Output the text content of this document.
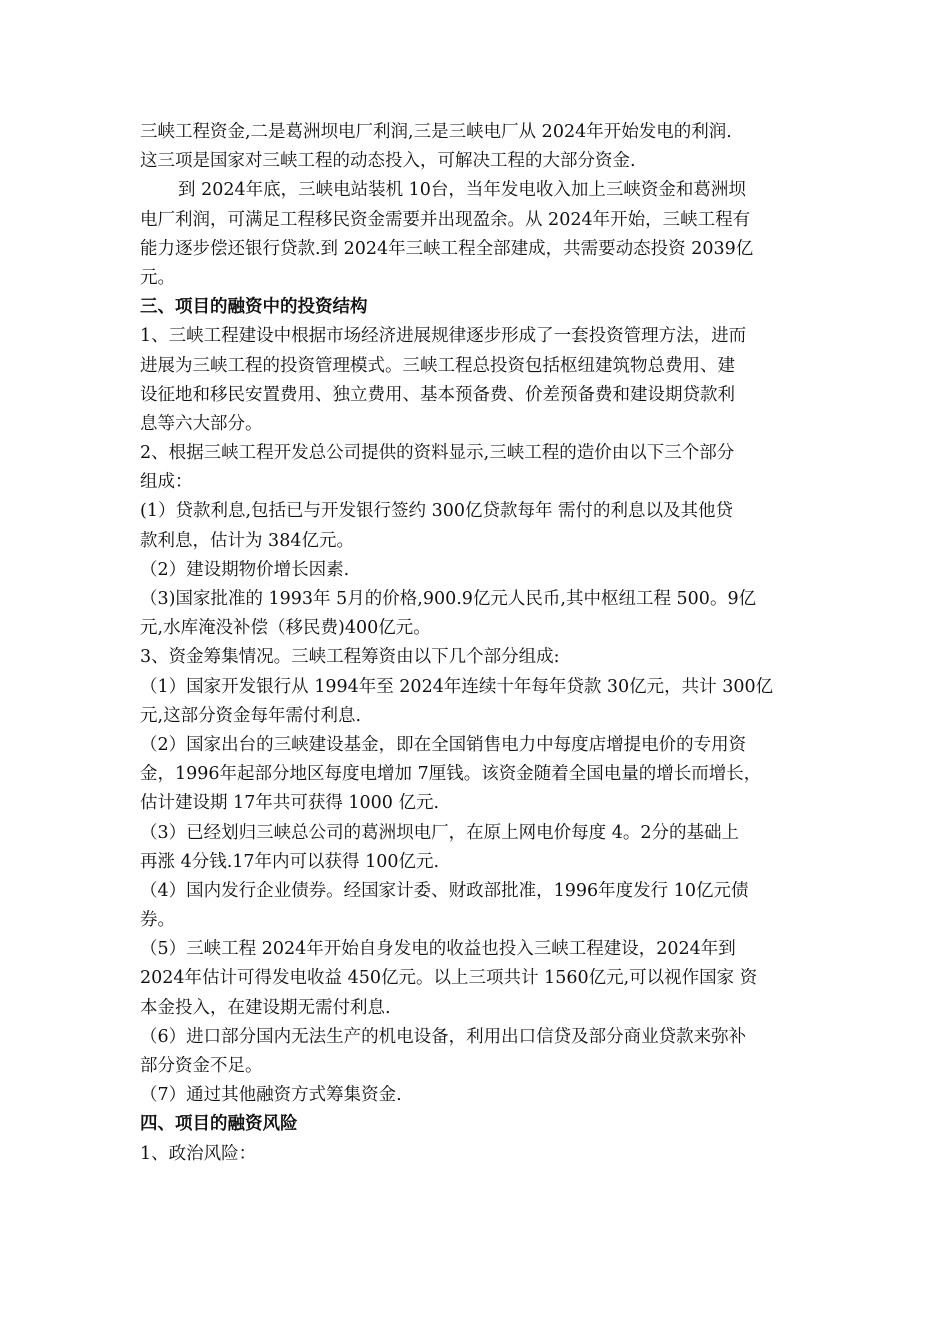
三峡工程资金,二是葛洲坝电厂利润,三是三峡电厂从 2024年开始发电的利润.
这三项是国家对三峡工程的动态投入，可解决工程的大部分资金.
到 2024年底，三峡电站装机 10台，当年发电收入加上三峡资金和葛洲坝
电厂利润，可满足工程移民资金需要并出现盈余。从 2024年开始，三峡工程有
能力逐步偿还银行贷款.到 2024年三峡工程全部建成，共需要动态投资 2039亿
元。
三、项目的融资中的投资结构
1、三峡工程建设中根据市场经济进展规律逐步形成了一套投资管理方法，进而
进展为三峡工程的投资管理模式。三峡工程总投资包括枢纽建筑物总费用、建
设征地和移民安置费用、独立费用、基本预备费、价差预备费和建设期贷款利
息等六大部分。
2、根据三峡工程开发总公司提供的资料显示,三峡工程的造价由以下三个部分
组成：
(1）贷款利息,包括已与开发银行签约 300亿贷款每年 需付的利息以及其他贷
款利息，估计为 384亿元。
（2）建设期物价增长因素.
（3)国家批准的 1993年 5月的价格,900.9亿元人民币,其中枢纽工程 500。9亿
元,水库淹没补偿（移民费)400亿元。
3、资金筹集情况。三峡工程筹资由以下几个部分组成:
（1）国家开发银行从 1994年至 2024年连续十年每年贷款 30亿元，共计 300亿
元,这部分资金每年需付利息.
（2）国家出台的三峡建设基金，即在全国销售电力中每度店增提电价的专用资
金，1996年起部分地区每度电增加 7厘钱。该资金随着全国电量的增长而增长，
估计建设期 17年共可获得 1000 亿元.
（3）已经划归三峡总公司的葛洲坝电厂，在原上网电价每度 4。2分的基础上
再涨 4分钱.17年内可以获得 100亿元.
（4）国内发行企业债券。经国家计委、财政部批准，1996年度发行 10亿元债
券。
（5）三峡工程 2024年开始自身发电的收益也投入三峡工程建设，2024年到
2024年估计可得发电收益 450亿元。以上三项共计 1560亿元,可以视作国家 资
本金投入，在建设期无需付利息.
（6）进口部分国内无法生产的机电设备，利用出口信贷及部分商业贷款来弥补
部分资金不足。
（7）通过其他融资方式筹集资金.
四、项目的融资风险
1、政治风险：
